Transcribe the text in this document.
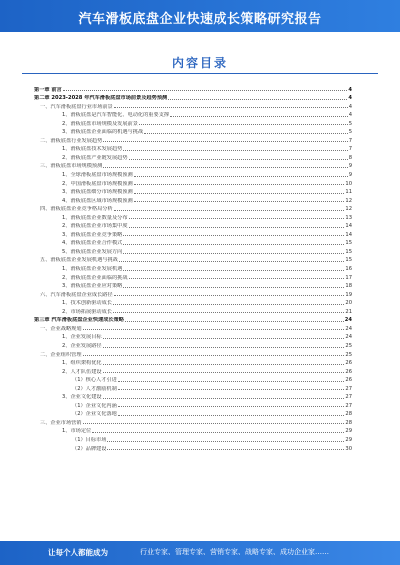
汽车滑板底盘企业快速成长策略研究报告
内容目录
第一章 前言	4
第二章 2023-2028 年汽车滑板底盘市场前景及趋势预测	4
一、汽车滑板底盘行业市场前景	4
1、滑板底盘是汽车智能化、电动化的重要支撑	4
2、滑板底盘市场规模及发展前景	5
3、滑板底盘企业面临的机遇与挑战	5
二、滑板底盘行业发展趋势	7
1、滑板底盘技术发展趋势	7
2、滑板底盘产业链发展趋势	8
三、滑板底盘市场规模预测	9
1、全球滑板底盘市场规模预测	9
2、中国滑板底盘市场规模预测	10
3、滑板底盘细分市场规模预测	11
4、滑板底盘区域市场规模预测	12
四、滑板底盘企业竞争格局分析	12
1、滑板底盘企业数量及分布	13
2、滑板底盘企业市场集中度	14
3、滑板底盘企业竞争策略	14
4、滑板底盘企业合作模式	15
5、滑板底盘企业发展方向	15
五、滑板底盘企业发展机遇与挑战	15
1、滑板底盘企业发展机遇	16
2、滑板底盘企业面临的挑战	17
3、滑板底盘企业应对策略	18
六、汽车滑板底盘企业成长路径	19
1、技术创新驱动成长	20
2、市场拓展驱动成长	21
第三章 汽车滑板底盘企业快速成长策略	24
一、企业战略规划	24
1、企业发展目标	24
2、企业发展路径	25
二、企业组织管理	25
1、组织架构优化	26
2、人才队伍建设	26
（1）核心人才引进	26
（2）人才激励机制	27
3、企业文化建设	27
（1）企业文化内涵	27
（2）企业文化落地	28
三、企业市场营销	28
1、市场定位	29
（1）目标市场	29
（2）品牌建设	30
让每个人都能成为	行业专家、管理专家、营销专家、战略专家、成功企业家……
